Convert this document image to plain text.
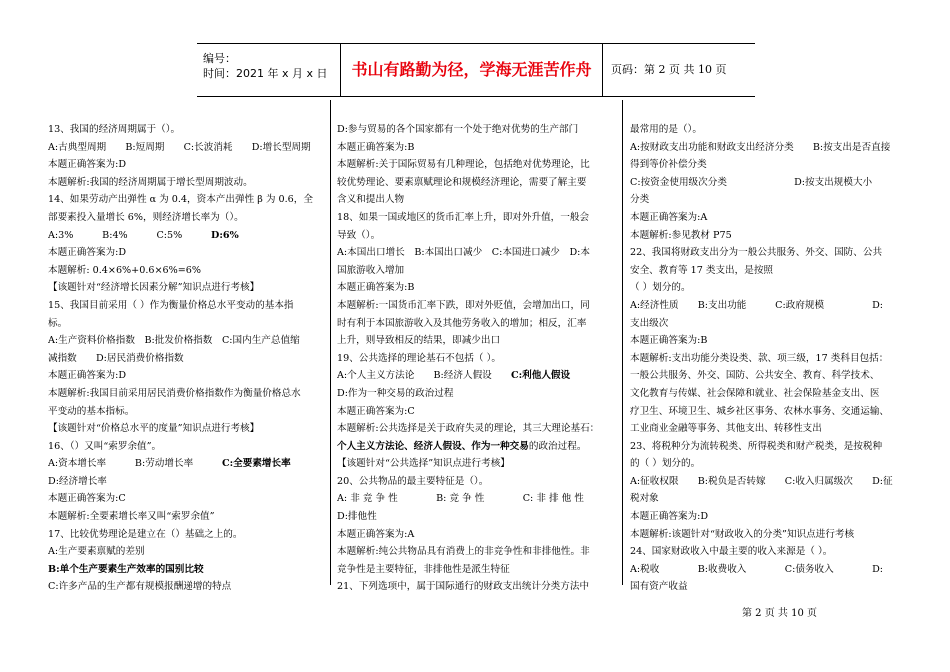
编号：
时间：2021 年 x 月 x 日	书山有路勤为径，学海无涯苦作舟	页码：第 2 页 共 10 页
13、我国的经济周期属于（）。
A:古典型周期　　B:短周期　　C:长波消耗　　D:增长型周期
本题正确答案为:D
本题解析:我国的经济周期属于增长型周期波动。
14、如果劳动产出弹性 α 为 0.4，资本产出弹性 β 为 0.6，全
部要素投入量增长 6%，则经济增长率为（）。
A:3%　　　B:4%　　　C:5%　　　D:6%
本题正确答案为:D
本题解析: 0.4×6%+0.6×6%=6%
【该题针对“经济增长因素分解”知识点进行考核】
15、我国目前采用（ ）作为衡量价格总水平变动的基本指
标。
A:生产资料价格指数　B:批发价格指数　C:国内生产总值缩
减指数　　D:居民消费价格指数
本题正确答案为:D
本题解析:我国目前采用居民消费价格指数作为衡量价格总水
平变动的基本指标。
【该题针对“价格总水平的度量”知识点进行考核】
16、（）又叫“索罗余值”。
A:资本增长率　　　B:劳动增长率　　　C:全要素增长率
D:经济增长率
本题正确答案为:C
本题解析:全要素增长率又叫“索罗余值”
17、比较优势理论是建立在（）基础之上的。
A:生产要素禀赋的差别
B:单个生产要素生产效率的国别比较
C:许多产品的生产都有规模报酬递增的特点
D:参与贸易的各个国家都有一个处于绝对优势的生产部门
本题正确答案为:B
本题解析:关于国际贸易有几种理论，包括绝对优势理论，比
较优势理论、要素禀赋理论和规模经济理论，需要了解主要
含义和提出人物
18、如果一国或地区的货币汇率上升，即对外升值，一般会
导致（）。
A:本国出口增长　B:本国出口减少　C:本国进口减少　D:本
国旅游收入增加
本题正确答案为:B
本题解析:一国货币汇率下跌，即对外贬值，会增加出口，同
时有利于本国旅游收入及其他劳务收入的增加；相反，汇率
上升，则导致相反的结果，即减少出口
19、公共选择的理论基石不包括（ ）。
A:个人主义方法论　　B:经济人假设　　C:利他人假设
D:作为一种交易的政治过程
本题正确答案为:C
本题解析:公共选择是关于政府失灵的理论，其三大理论基石：
个人主义方法论、经济人假设、作为一种交易的政治过程。
【该题针对“公共选择”知识点进行考核】
20、公共物品的最主要特征是（）。
A: 非 竞 争 性　　　　B: 竞 争 性　　　　C: 非 排 他 性
D:排他性
本题正确答案为:A
本题解析:纯公共物品具有消费上的非竞争性和非排他性。非
竞争性是主要特征，非排他性是派生特征
21、下列选项中，属于国际通行的财政支出统计分类方法中
最常用的是（）。
A:按财政支出功能和财政支出经济分类　　B:按支出是否直接
得到等价补偿分类
C:按资金使用级次分类　　　　　　　D:按支出规模大小
分类
本题正确答案为:A
本题解析:参见教材 P75
22、我国将财政支出分为一般公共服务、外交、国防、公共
安全、教育等 17 类支出，是按照
（ ）划分的。
A:经济性质　　B:支出功能　　　C:政府规模　　　　　D:
支出级次
本题正确答案为:B
本题解析:支出功能分类设类、款、项三级，17 类科目包括：
一般公共服务、外交、国防、公共安全、教育、科学技术、
文化教育与传媒、社会保障和就业、社会保险基金支出、医
疗卫生、环境卫生、城乡社区事务、农林水事务、交通运输、
工业商业金融等事务、其他支出、转移性支出
23、将税种分为流转税类、所得税类和财产税类，是按税种
的（ ）划分的。
A:征收权限　　B:税负是否转嫁　　C:收入归属级次　　D:征
税对象
本题正确答案为:D
本题解析:该题针对“财政收入的分类”知识点进行考核
24、国家财政收入中最主要的收入来源是（ ）。
A:税收　　　　B:收费收入　　　　C:债务收入　　　　D:
国有资产收益
第 2 页 共 10 页
